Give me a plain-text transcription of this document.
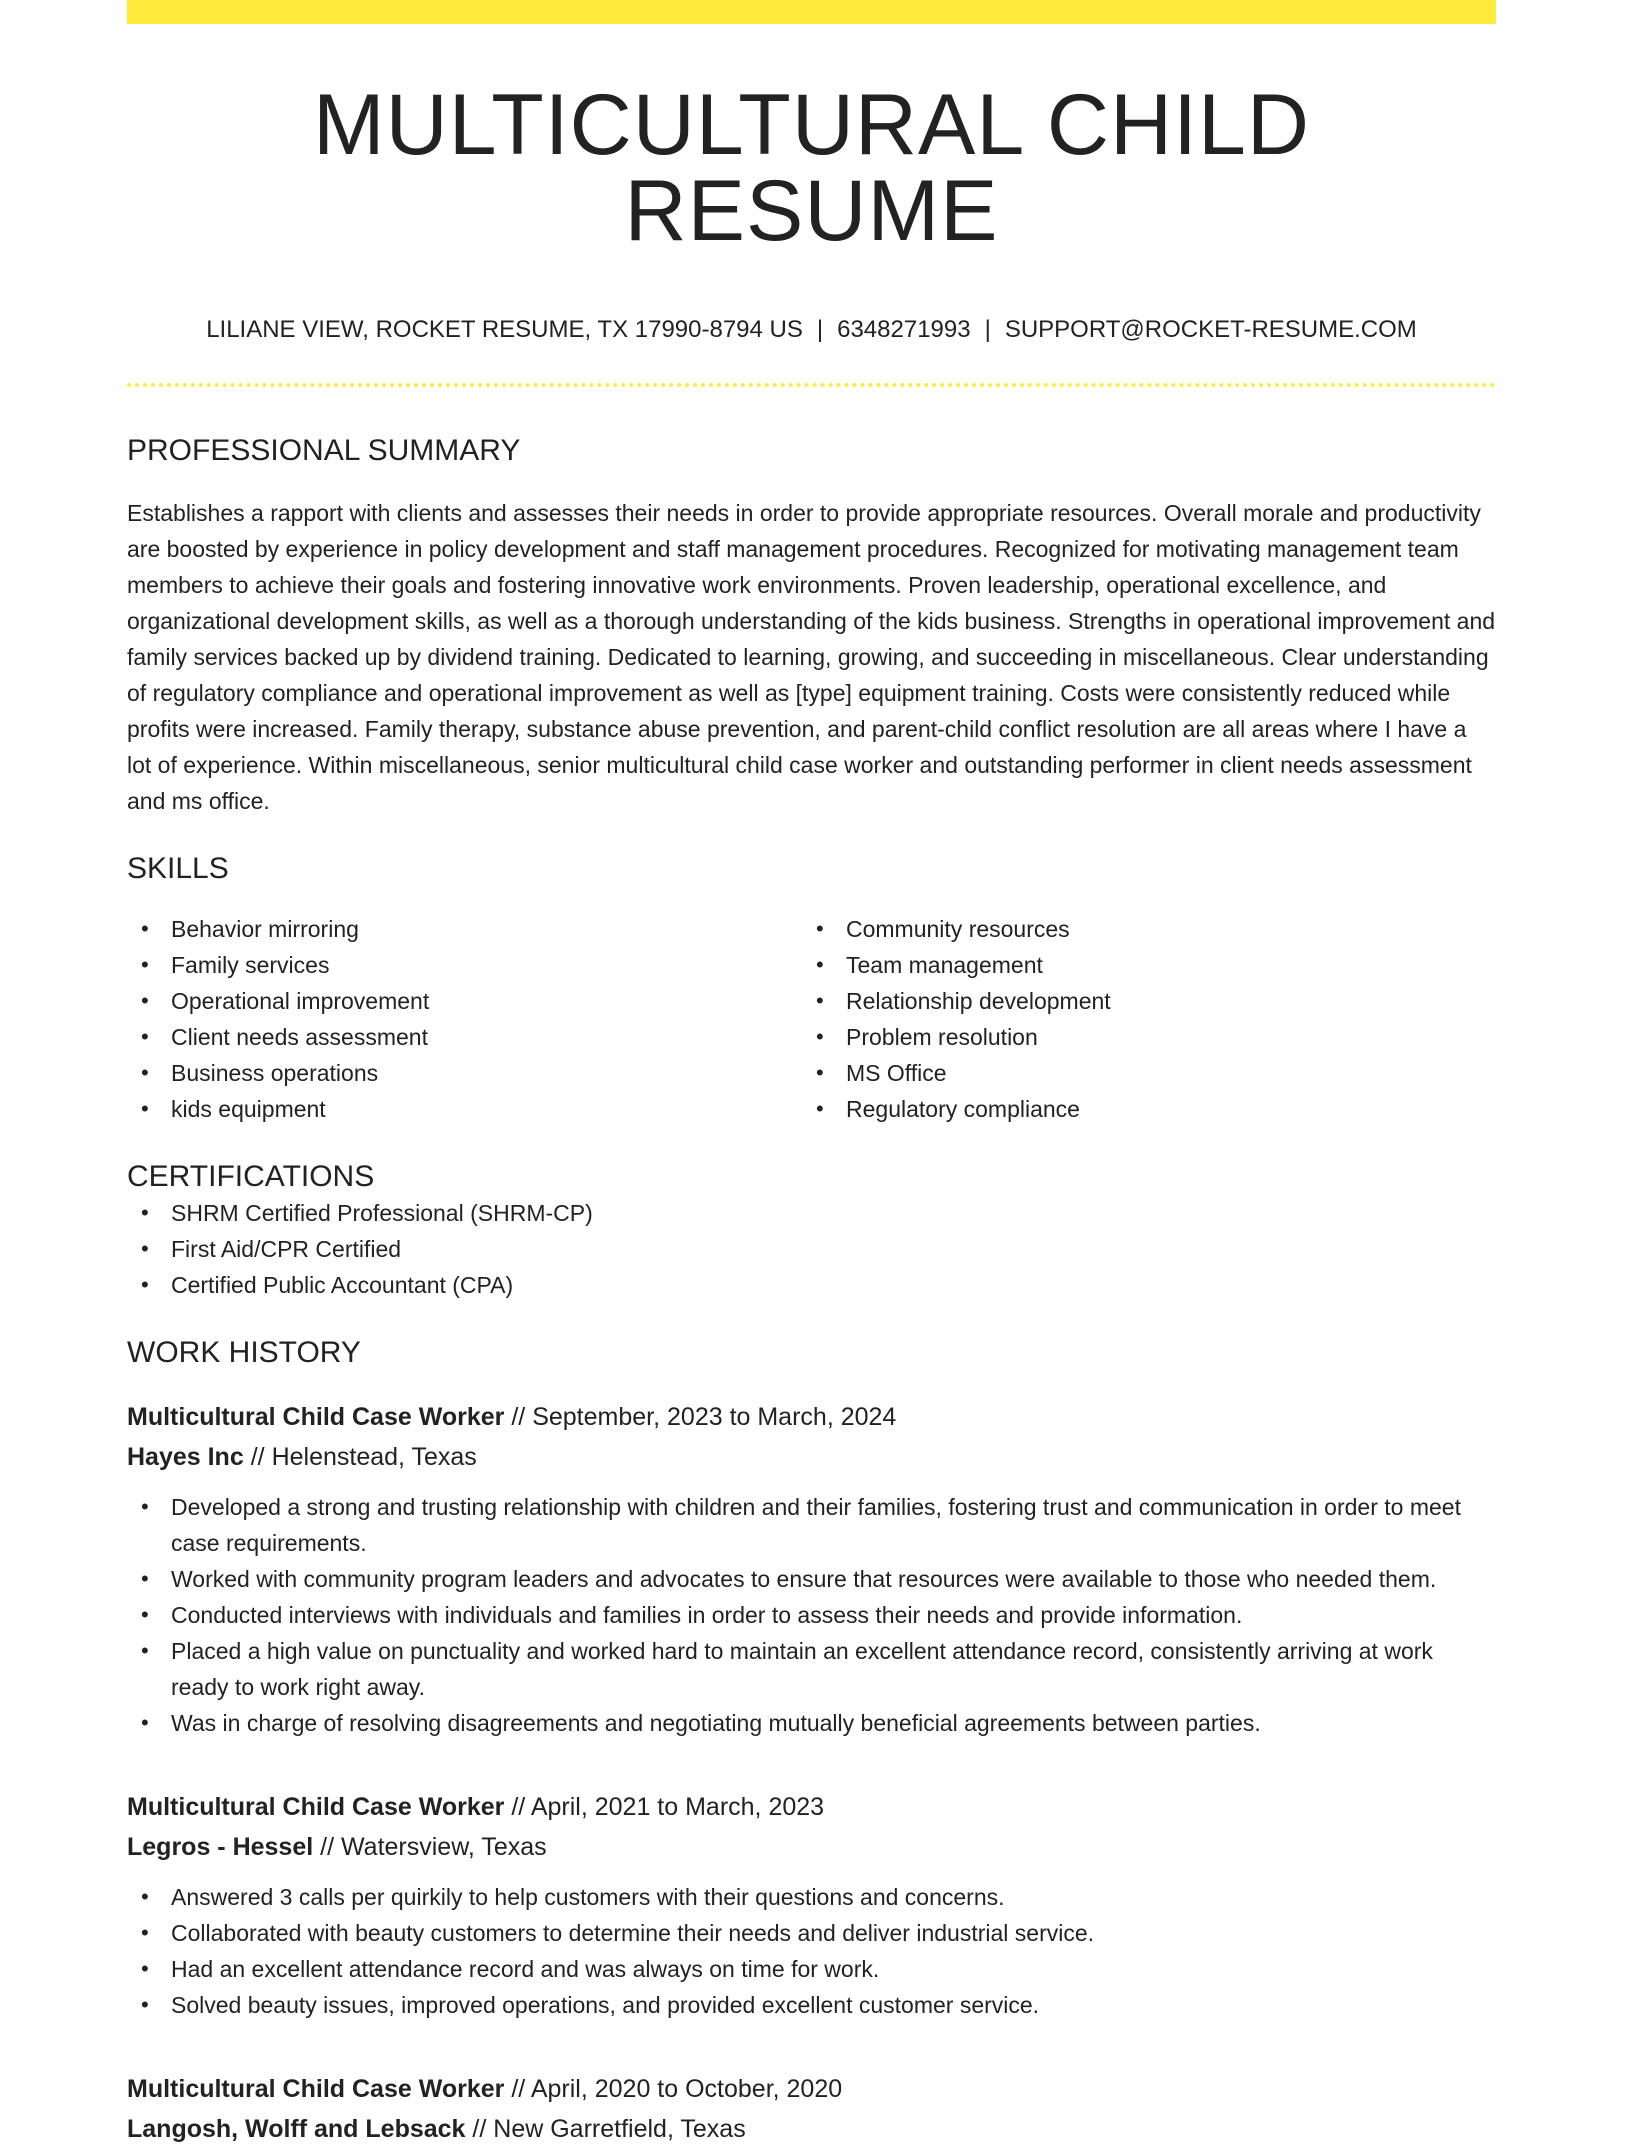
MULTICULTURAL CHILD RESUME
LILIANE VIEW, ROCKET RESUME, TX 17990-8794 US | 6348271993 | SUPPORT@ROCKET-RESUME.COM
PROFESSIONAL SUMMARY

Establishes a rapport with clients and assesses their needs in order to provide appropriate resources. Overall morale and productivity are boosted by experience in policy development and staff management procedures. Recognized for motivating management team members to achieve their goals and fostering innovative work environments. Proven leadership, operational excellence, and organizational development skills, as well as a thorough understanding of the kids business. Strengths in operational improvement and family services backed up by dividend training. Dedicated to learning, growing, and succeeding in miscellaneous. Clear understanding of regulatory compliance and operational improvement as well as [type] equipment training. Costs were consistently reduced while profits were increased. Family therapy, substance abuse prevention, and parent-child conflict resolution are all areas where I have a lot of experience. Within miscellaneous, senior multicultural child case worker and outstanding performer in client needs assessment and ms office.

SKILLS
• Behavior mirroring
• Family services
• Operational improvement
• Client needs assessment
• Business operations
• kids equipment
• Community resources
• Team management
• Relationship development
• Problem resolution
• MS Office
• Regulatory compliance
CERTIFICATIONS
• SHRM Certified Professional (SHRM-CP)
• First Aid/CPR Certified
• Certified Public Accountant (CPA)
WORK HISTORY
Multicultural Child Case Worker // September, 2023 to March, 2024
Hayes Inc // Helenstead, Texas
• Developed a strong and trusting relationship with children and their families, fostering trust and communication in order to meet case requirements.
• Worked with community program leaders and advocates to ensure that resources were available to those who needed them.
• Conducted interviews with individuals and families in order to assess their needs and provide information.
• Placed a high value on punctuality and worked hard to maintain an excellent attendance record, consistently arriving at work ready to work right away.
• Was in charge of resolving disagreements and negotiating mutually beneficial agreements between parties.
Multicultural Child Case Worker // April, 2021 to March, 2023
Legros - Hessel // Watersview, Texas
• Answered 3 calls per quirkily to help customers with their questions and concerns.
• Collaborated with beauty customers to determine their needs and deliver industrial service.
• Had an excellent attendance record and was always on time for work.
• Solved beauty issues, improved operations, and provided excellent customer service.
Multicultural Child Case Worker // April, 2020 to October, 2020
Langosh, Wolff and Lebsack // New Garretfield, Texas
